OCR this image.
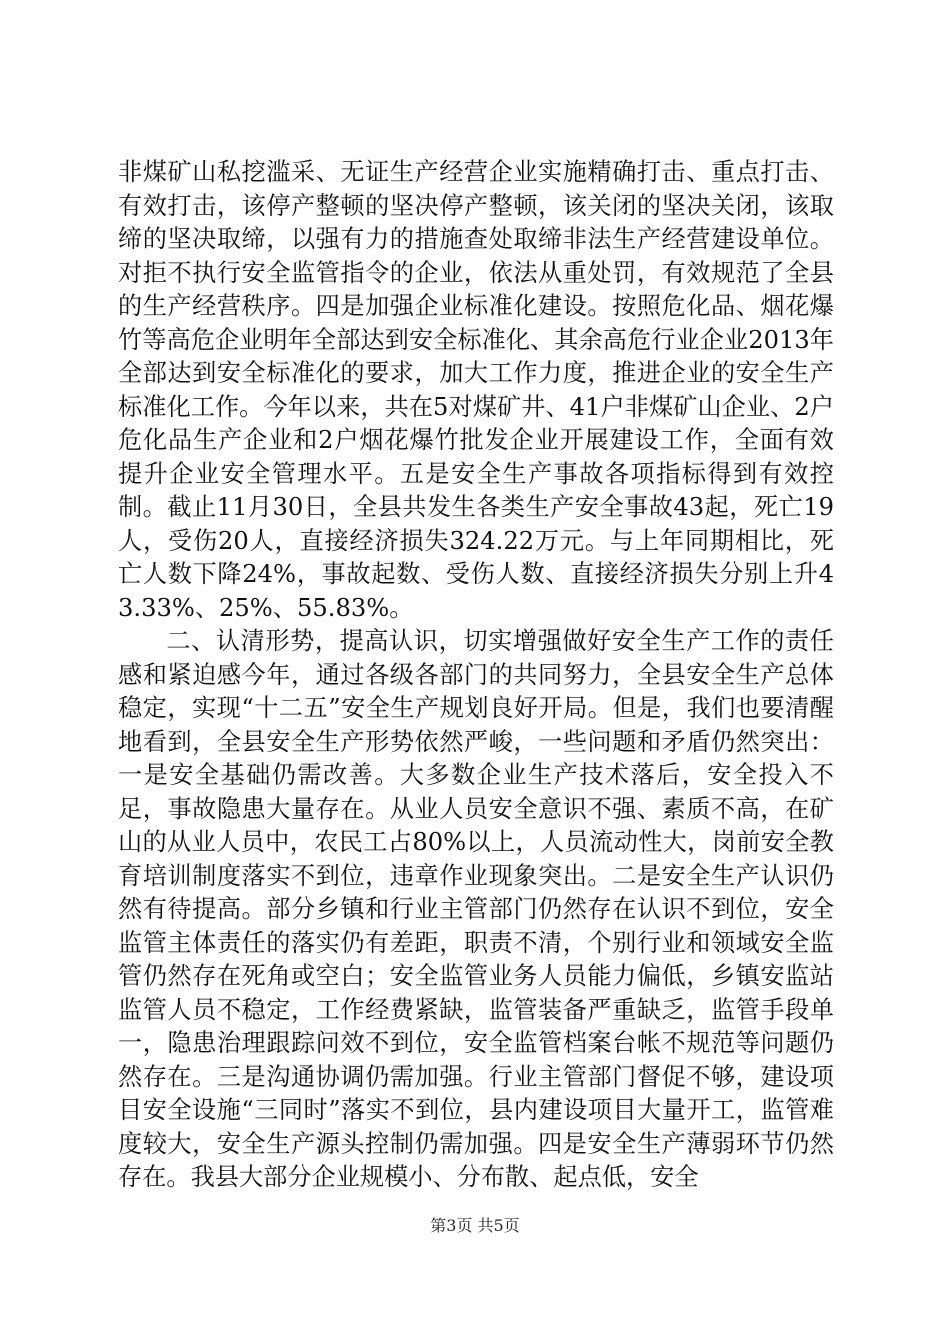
非煤矿山私挖滥采、无证生产经营企业实施精确打击、重点打击、有效打击，该停产整顿的坚决停产整顿，该关闭的坚决关闭，该取缔的坚决取缔，以强有力的措施查处取缔非法生产经营建设单位。对拒不执行安全监管指令的企业，依法从重处罚，有效规范了全县的生产经营秩序。四是加强企业标准化建设。按照危化品、烟花爆竹等高危企业明年全部达到安全标准化、其余高危行业企业2013年全部达到安全标准化的要求，加大工作力度，推进企业的安全生产标准化工作。今年以来，共在5对煤矿井、41户非煤矿山企业、2户危化品生产企业和2户烟花爆竹批发企业开展建设工作，全面有效提升企业安全管理水平。五是安全生产事故各项指标得到有效控制。截止11月30日，全县共发生各类生产安全事故43起，死亡19人，受伤20人，直接经济损失324.22万元。与上年同期相比，死亡人数下降24%，事故起数、受伤人数、直接经济损失分别上升43.33%、25%、55.83%。

二、认清形势，提高认识，切实增强做好安全生产工作的责任感和紧迫感今年，通过各级各部门的共同努力，全县安全生产总体稳定，实现“十二五”安全生产规划良好开局。但是，我们也要清醒地看到，全县安全生产形势依然严峻，一些问题和矛盾仍然突出：一是安全基础仍需改善。大多数企业生产技术落后，安全投入不足，事故隐患大量存在。从业人员安全意识不强、素质不高，在矿山的从业人员中，农民工占80%以上，人员流动性大，岗前安全教育培训制度落实不到位，违章作业现象突出。二是安全生产认识仍然有待提高。部分乡镇和行业主管部门仍然存在认识不到位，安全监管主体责任的落实仍有差距，职责不清，个别行业和领域安全监管仍然存在死角或空白；安全监管业务人员能力偏低，乡镇安监站监管人员不稳定，工作经费紧缺，监管装备严重缺乏，监管手段单一，隐患治理跟踪问效不到位，安全监管档案台帐不规范等问题仍然存在。三是沟通协调仍需加强。行业主管部门督促不够，建设项目安全设施“三同时”落实不到位，县内建设项目大量开工，监管难度较大，安全生产源头控制仍需加强。四是安全生产薄弱环节仍然存在。我县大部分企业规模小、分布散、起点低，安全

第3页 共5页
